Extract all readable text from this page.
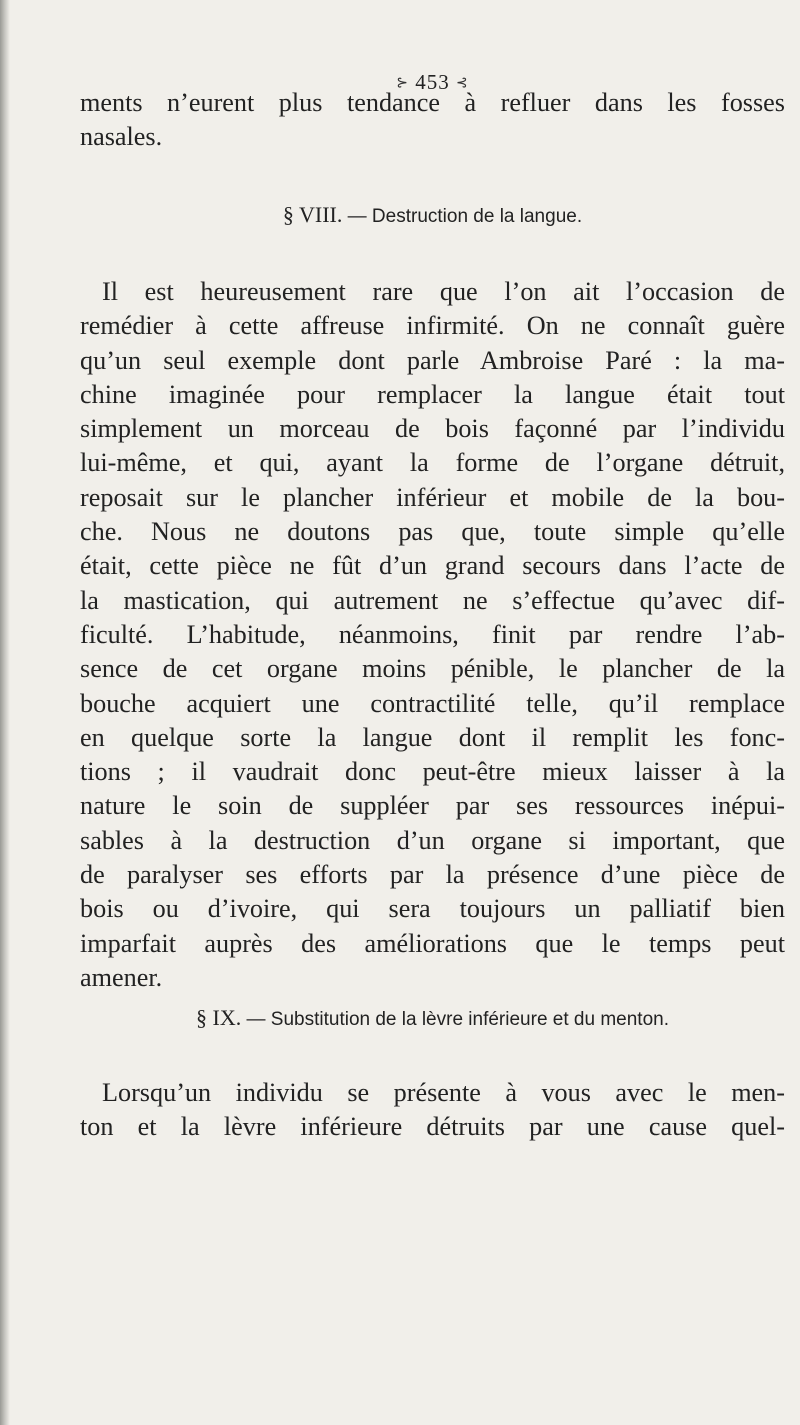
⊱ 453 ⊰
ments n’eurent plus tendance à refluer dans les fosses
nasales.
§ VIII. — Destruction de la langue.
Il est heureusement rare que l’on ait l’occasion de
remédier à cette affreuse infirmité. On ne connaît guère
qu’un seul exemple dont parle Ambroise Paré : la ma-
chine imaginée pour remplacer la langue était tout
simplement un morceau de bois façonné par l’individu
lui-même, et qui, ayant la forme de l’organe détruit,
reposait sur le plancher inférieur et mobile de la bou-
che. Nous ne doutons pas que, toute simple qu’elle
était, cette pièce ne fût d’un grand secours dans l’acte de
la mastication, qui autrement ne s’effectue qu’avec dif-
ficulté. L’habitude, néanmoins, finit par rendre l’ab-
sence de cet organe moins pénible, le plancher de la
bouche acquiert une contractilité telle, qu’il remplace
en quelque sorte la langue dont il remplit les fonc-
tions ; il vaudrait donc peut-être mieux laisser à la
nature le soin de suppléer par ses ressources inépui-
sables à la destruction d’un organe si important, que
de paralyser ses efforts par la présence d’une pièce de
bois ou d’ivoire, qui sera toujours un palliatif bien
imparfait auprès des améliorations que le temps peut
amener.
§ IX. — Substitution de la lèvre inférieure et du menton.
Lorsqu’un individu se présente à vous avec le men-
ton et la lèvre inférieure détruits par une cause quel-
